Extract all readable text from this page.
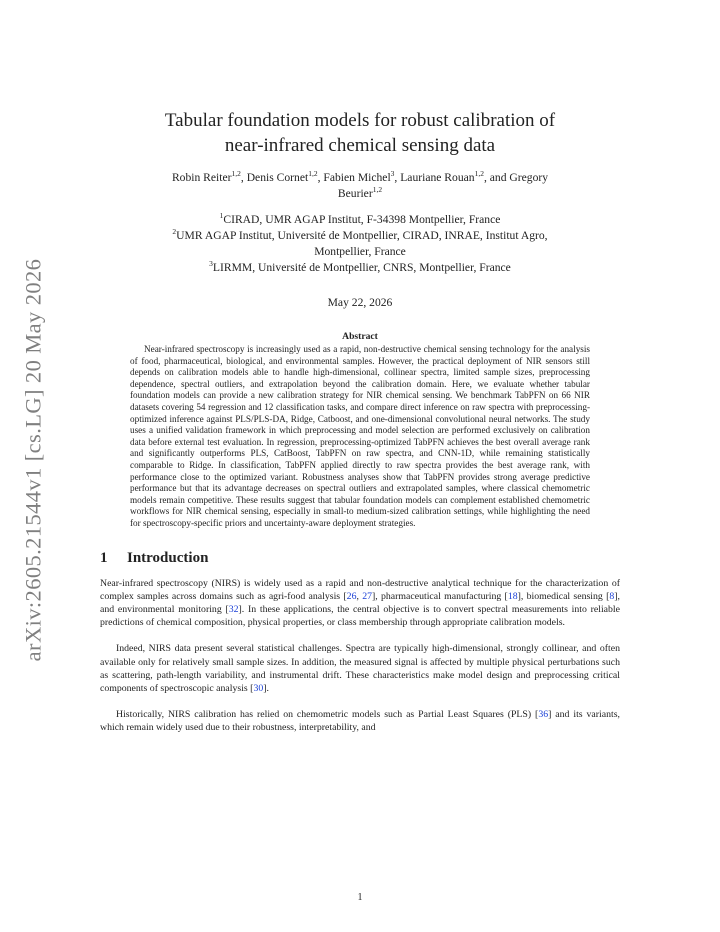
arXiv:2605.21544v1 [cs.LG] 20 May 2026
Tabular foundation models for robust calibration of
near-infrared chemical sensing data
Robin Reiter$^{1,2}$, Denis Cornet$^{1,2}$, Fabien Michel$^3$, Lauriane Rouan$^{1,2}$, and Gregory
Beurier$^{1,2}$
$^1$CIRAD, UMR AGAP Institut, F-34398 Montpellier, France
$^2$UMR AGAP Institut, Université de Montpellier, CIRAD, INRAE, Institut Agro,
Montpellier, France
$^3$LIRMM, Université de Montpellier, CNRS, Montpellier, France
May 22, 2026
Abstract

Near-infrared spectroscopy is increasingly used as a rapid, non-destructive chemical sensing technology for the analysis of food, pharmaceutical, biological, and environmental samples. However, the practical deployment of NIR sensors still depends on calibration models able to handle high-dimensional, collinear spectra, limited sample sizes, preprocessing dependence, spectral outliers, and extrapolation beyond the calibration domain. Here, we evaluate whether tabular foundation models can provide a new calibration strategy for NIR chemical sensing. We benchmark TabPFN on 66 NIR datasets covering 54 regression and 12 classification tasks, and compare direct inference on raw spectra with preprocessing-optimized inference against PLS/PLS-DA, Ridge, Catboost, and one-dimensional convolutional neural networks. The study uses a unified validation framework in which preprocessing and model selection are performed exclusively on calibration data before external test evaluation. In regression, preprocessing-optimized TabPFN achieves the best overall average rank and significantly outperforms PLS, CatBoost, TabPFN on raw spectra, and CNN-1D, while remaining statistically comparable to Ridge. In classification, TabPFN applied directly to raw spectra provides the best average rank, with performance close to the optimized variant. Robustness analyses show that TabPFN provides strong average predictive performance but that its advantage decreases on spectral outliers and extrapolated samples, where classical chemometric models remain competitive. These results suggest that tabular foundation models can complement established chemometric workflows for NIR chemical sensing, especially in small-to medium-sized calibration settings, while highlighting the need for spectroscopy-specific priors and uncertainty-aware deployment strategies.

1 Introduction

Near-infrared spectroscopy (NIRS) is widely used as a rapid and non-destructive analytical technique for the characterization of complex samples across domains such as agri-food analysis [26, 27], pharmaceutical manufacturing [18], biomedical sensing [8], and environmental monitoring [32]. In these applications, the central objective is to convert spectral measurements into reliable predictions of chemical composition, physical properties, or class membership through appropriate calibration models.

Indeed, NIRS data present several statistical challenges. Spectra are typically high-dimensional, strongly collinear, and often available only for relatively small sample sizes. In addition, the measured signal is affected by multiple physical perturbations such as scattering, path-length variability, and instrumental drift. These characteristics make model design and preprocessing critical components of spectroscopic analysis [30].

Historically, NIRS calibration has relied on chemometric models such as Partial Least Squares (PLS) [36] and its variants, which remain widely used due to their robustness, interpretability, and

1
